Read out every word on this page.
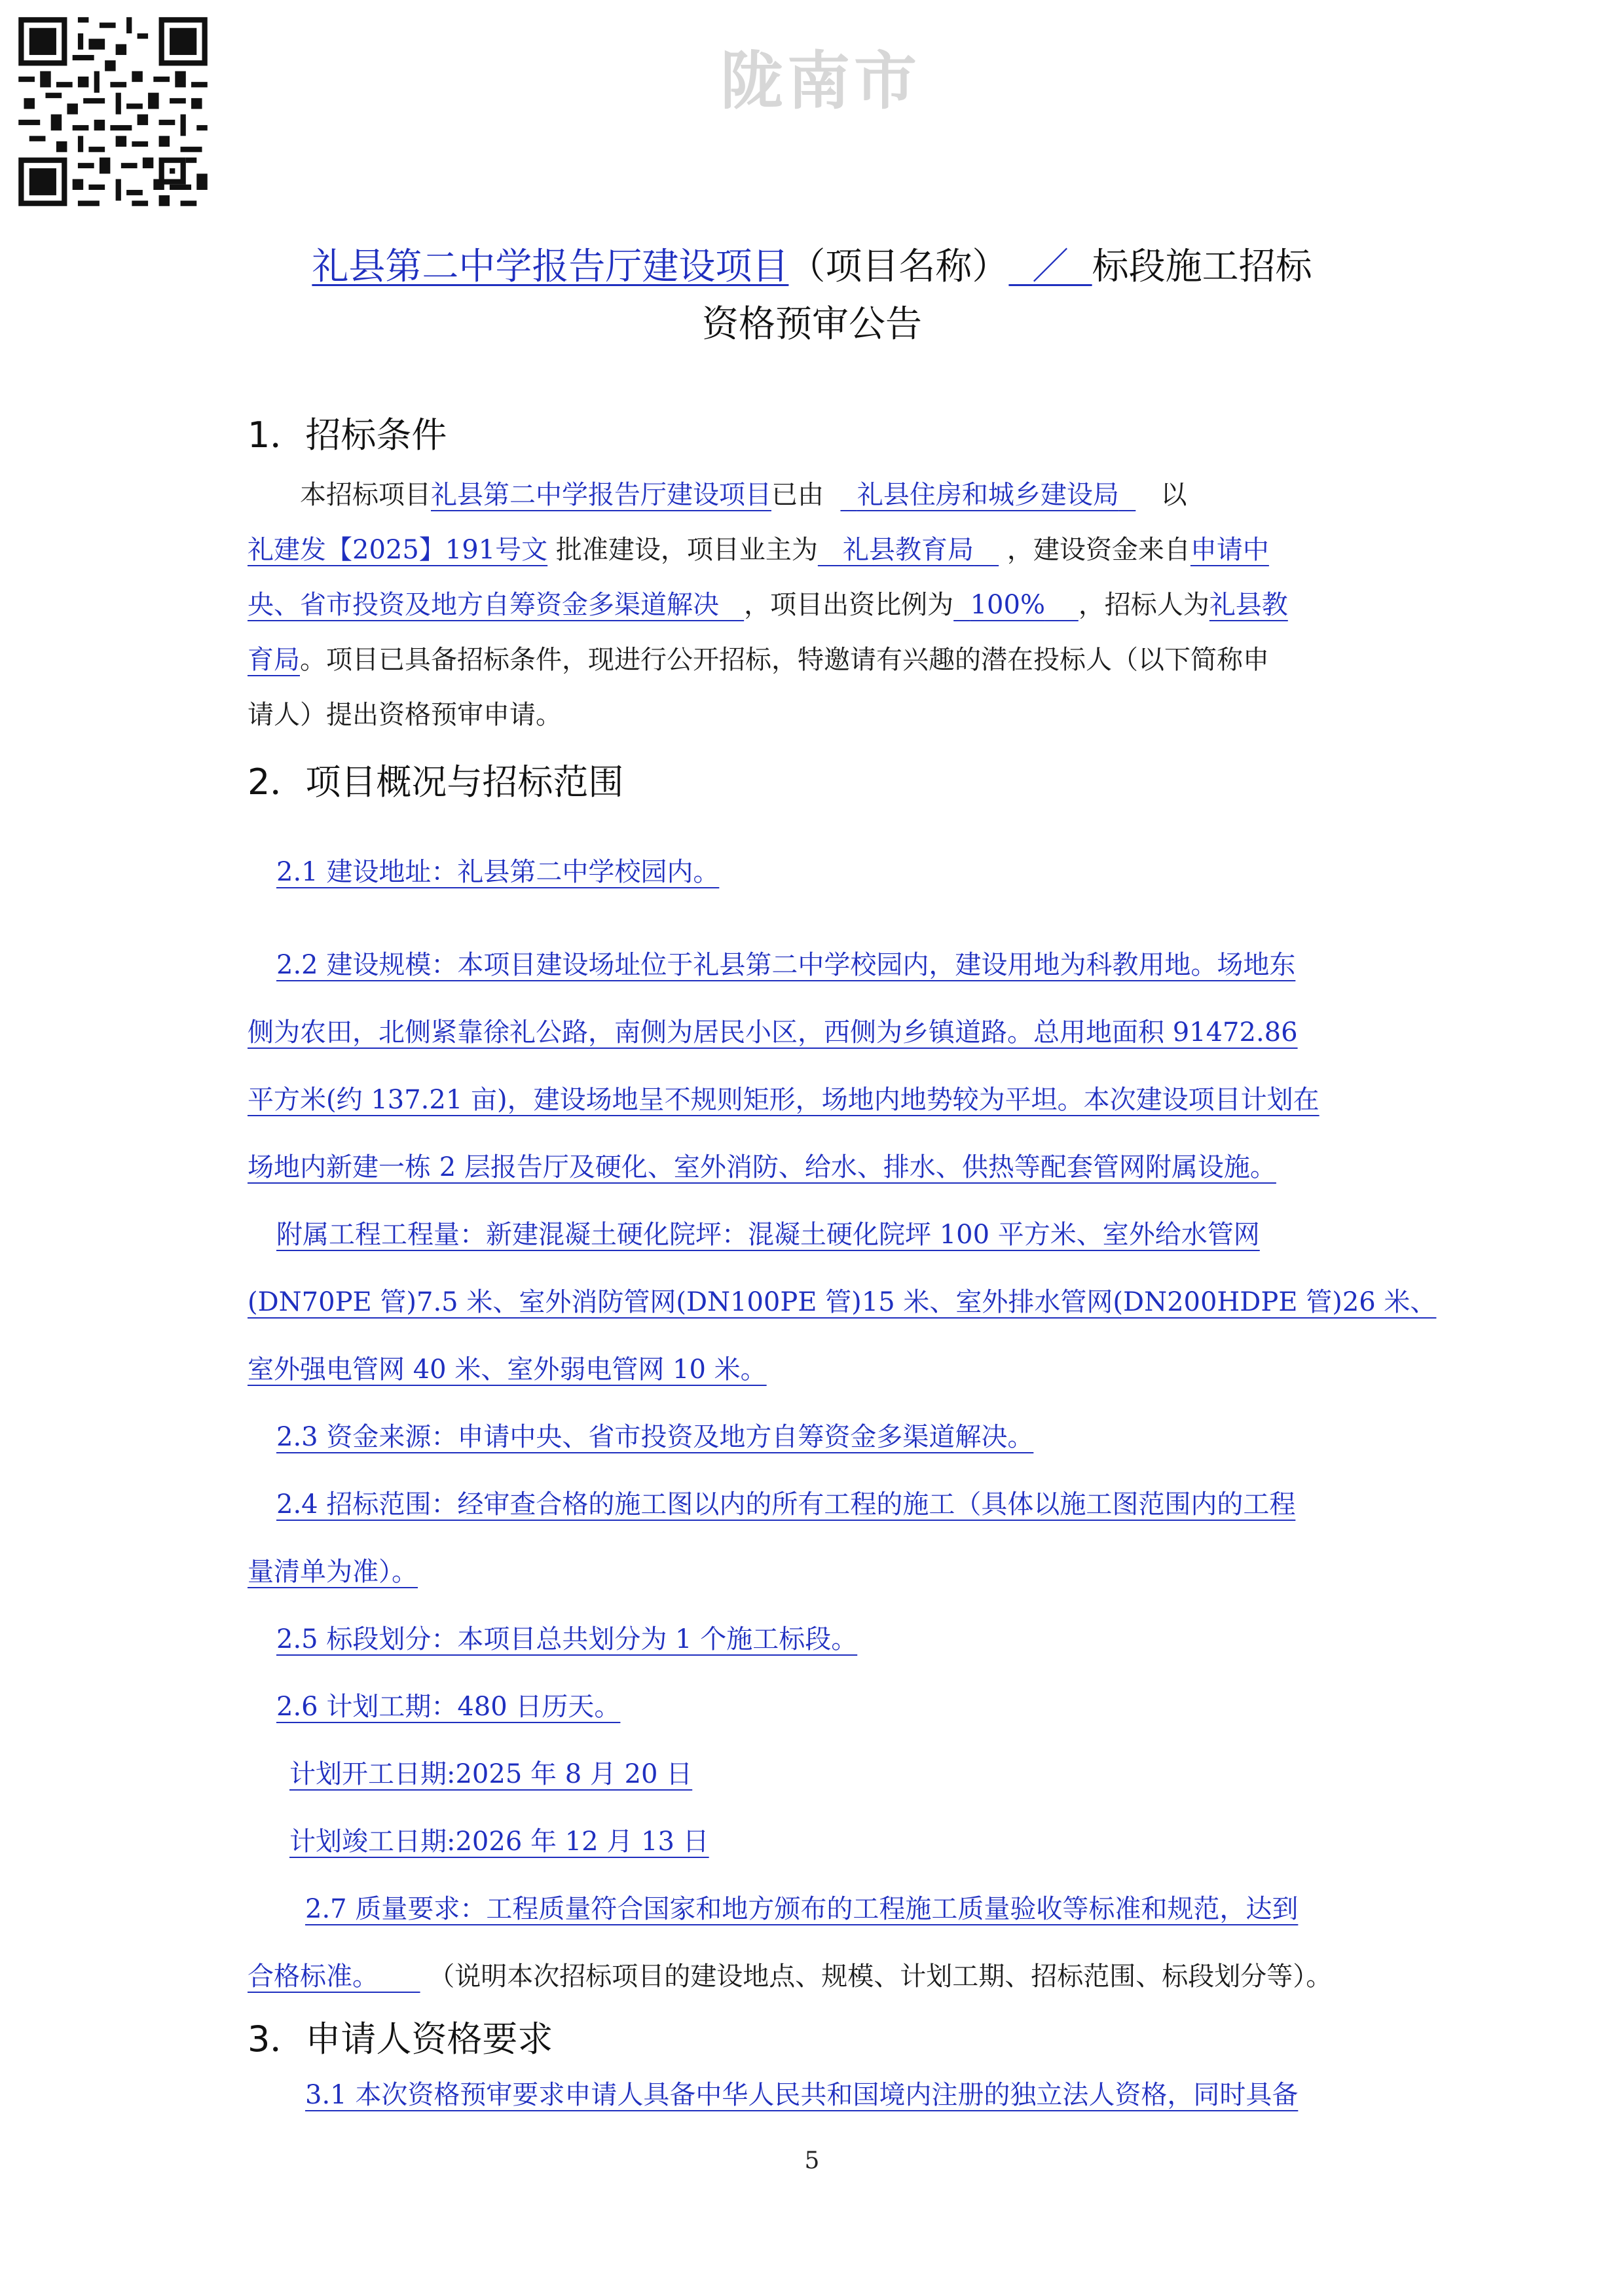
陇南市
礼县第二中学报告厅建设项目（项目名称） ／ 标段施工招标
资格预审公告
1．招标条件
本招标项目礼县第二中学报告厅建设项目已由 礼县住房和城乡建设局 以
礼建发【2025】191号文 批准建设，项目业主为 礼县教育局 ，建设资金来自申请中
央、省市投资及地方自筹资金多渠道解决 ，项目出资比例为 100% ，招标人为礼县教
育局。项目已具备招标条件，现进行公开招标，特邀请有兴趣的潜在投标人（以下简称申
请人）提出资格预审申请。
2．项目概况与招标范围
2.1 建设地址：礼县第二中学校园内。
2.2 建设规模：本项目建设场址位于礼县第二中学校园内，建设用地为科教用地。场地东
侧为农田，北侧紧靠徐礼公路，南侧为居民小区，西侧为乡镇道路。总用地面积 91472.86
平方米(约 137.21 亩)，建设场地呈不规则矩形，场地内地势较为平坦。本次建设项目计划在
场地内新建一栋 2 层报告厅及硬化、室外消防、给水、排水、供热等配套管网附属设施。
附属工程工程量：新建混凝土硬化院坪：混凝土硬化院坪 100 平方米、室外给水管网
(DN70PE 管)7.5 米、室外消防管网(DN100PE 管)15 米、室外排水管网(DN200HDPE 管)26 米、
室外强电管网 40 米、室外弱电管网 10 米。
2.3 资金来源：申请中央、省市投资及地方自筹资金多渠道解决。
2.4 招标范围：经审查合格的施工图以内的所有工程的施工（具体以施工图范围内的工程
量清单为准）。
2.5 标段划分：本项目总共划分为 1 个施工标段。
2.6 计划工期：480 日历天。
计划开工日期:2025 年 8 月 20 日
计划竣工日期:2026 年 12 月 13 日
2.7 质量要求：工程质量符合国家和地方颁布的工程施工质量验收等标准和规范，达到
合格标准。 （说明本次招标项目的建设地点、规模、计划工期、招标范围、标段划分等）。
3．申请人资格要求
3.1 本次资格预审要求申请人具备中华人民共和国境内注册的独立法人资格，同时具备
5
